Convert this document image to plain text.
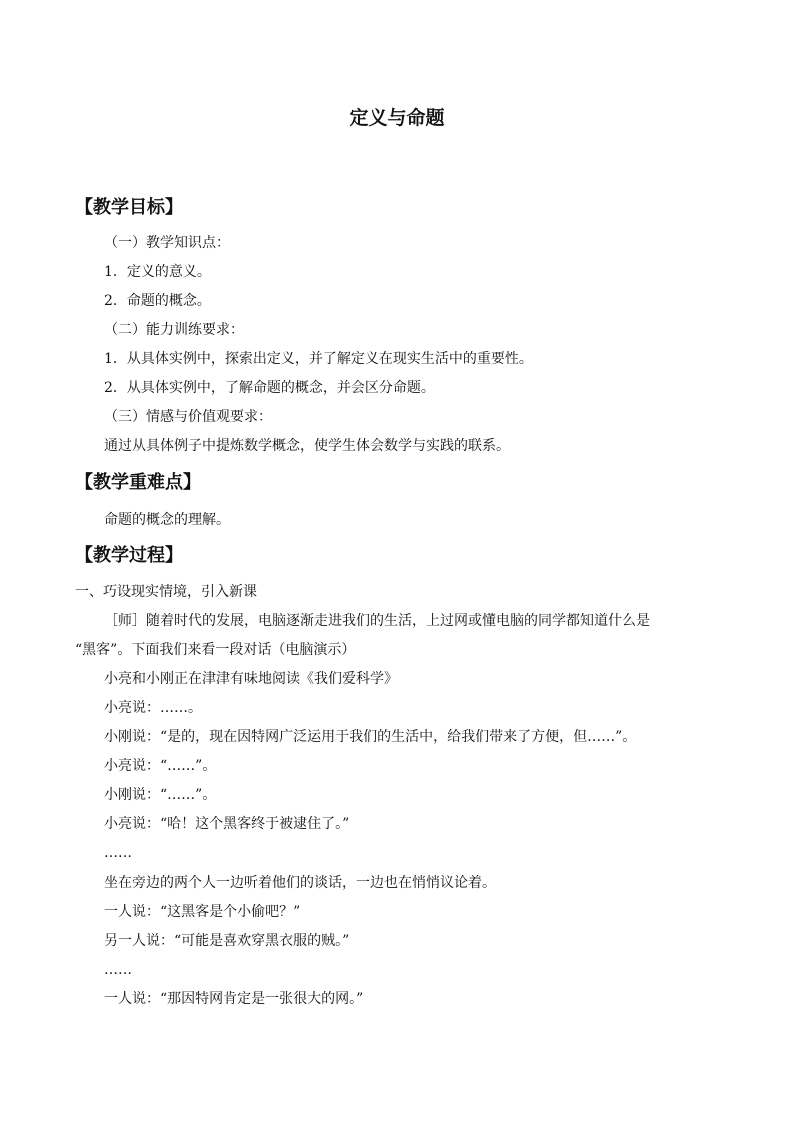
定义与命题
【教学目标】
（一）教学知识点：
1．定义的意义。
2．命题的概念。
（二）能力训练要求：
1．从具体实例中，探索出定义，并了解定义在现实生活中的重要性。
2．从具体实例中，了解命题的概念，并会区分命题。
（三）情感与价值观要求：
通过从具体例子中提炼数学概念，使学生体会数学与实践的联系。
【教学重难点】
命题的概念的理解。
【教学过程】
一、巧设现实情境，引入新课
［师］随着时代的发展，电脑逐渐走进我们的生活，上过网或懂电脑的同学都知道什么是
“黑客”。下面我们来看一段对话（电脑演示）
小亮和小刚正在津津有味地阅读《我们爱科学》
小亮说：……。
小刚说：“是的，现在因特网广泛运用于我们的生活中，给我们带来了方便，但……”。
小亮说：“……”。
小刚说：“……”。
小亮说：“哈！这个黑客终于被逮住了。”
……
坐在旁边的两个人一边听着他们的谈话，一边也在悄悄议论着。
一人说：“这黑客是个小偷吧？”
另一人说：“可能是喜欢穿黑衣服的贼。”
……
一人说：“那因特网肯定是一张很大的网。”
